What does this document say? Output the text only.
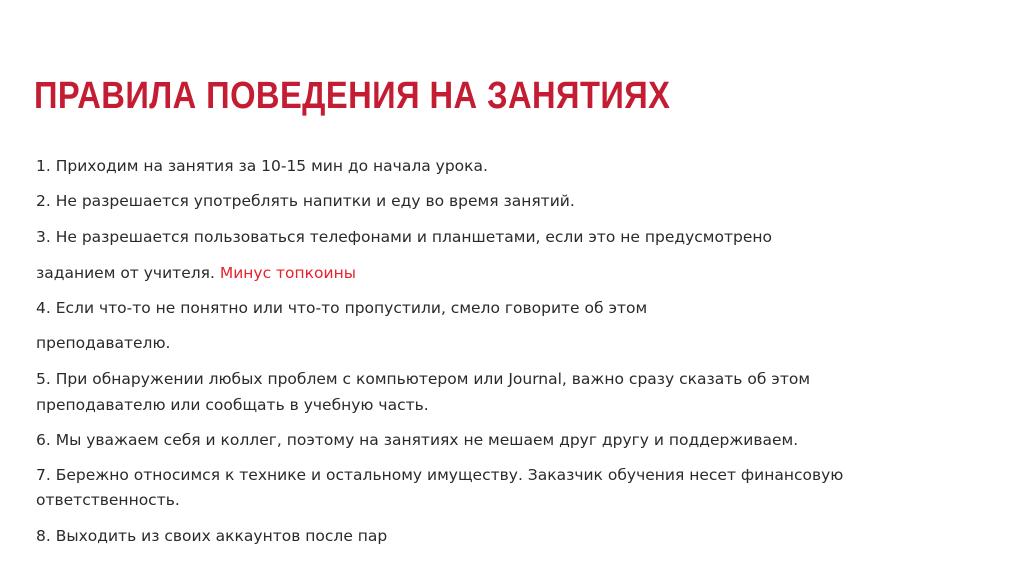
ПРАВИЛА ПОВЕДЕНИЯ НА ЗАНЯТИЯХ

1. Приходим на занятия за 10-15 мин до начала урока.

2. Не разрешается употреблять напитки и еду во время занятий.

3. Не разрешается пользоваться телефонами и планшетами, если это не предусмотрено

заданием от учителя. Минус топкоины

4. Если что-то не понятно или что-то пропустили, смело говорите об этом

преподавателю.

5. При обнаружении любых проблем с компьютером или Journal, важно сразу сказать об этом

преподавателю или сообщать в учебную часть.

6. Мы уважаем себя и коллег, поэтому на занятиях не мешаем друг другу и поддерживаем.

7. Бережно относимся к технике и остальному имуществу. Заказчик обучения несет финансовую

ответственность.

8. Выходить из своих аккаунтов после пар
